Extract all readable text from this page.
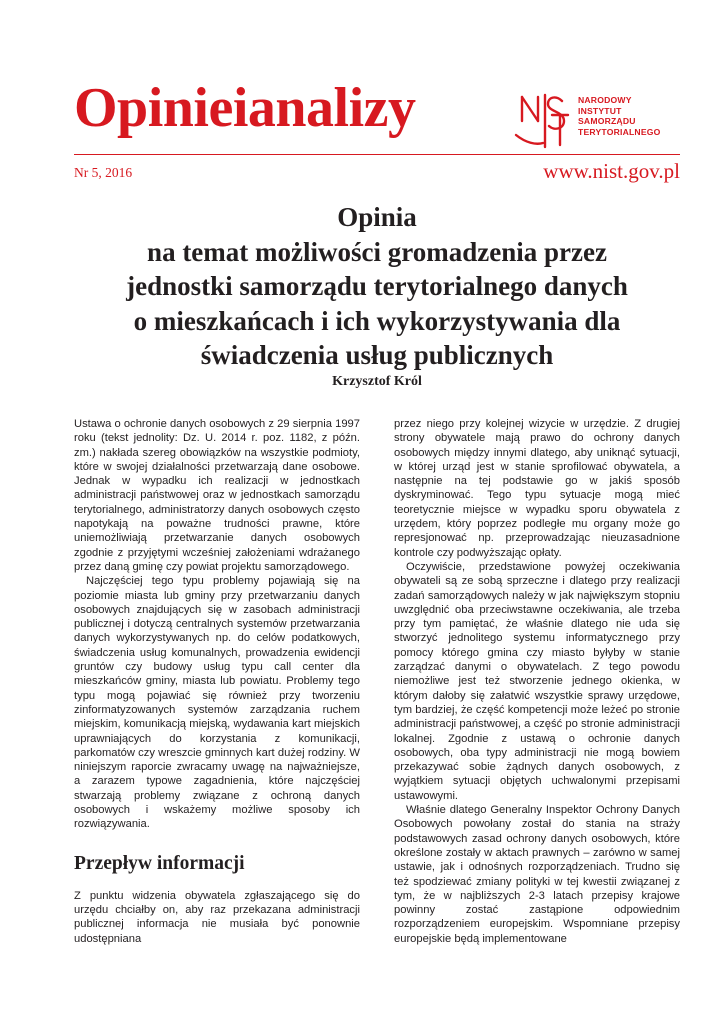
Opinieianalizy	NARODOWY
INSTYTUT
SAMORZĄDU
TERYTORIALNEGO
Nr 5, 2016	www.nist.gov.pl
Opinia
na temat możliwości gromadzenia przez
jednostki samorządu terytorialnego danych
o mieszkańcach i ich wykorzystywania dla
świadczenia usług publicznych
Krzysztof Król

Ustawa o ochronie danych osobowych z 29 sierpnia 1997 roku (tekst jednolity: Dz. U. 2014 r. poz. 1182, z późn. zm.) nakłada szereg obowiązków na wszystkie podmioty, które w swojej działalności przetwarzają dane osobowe. Jednak w wypadku ich realizacji w jednostkach administracji państwowej oraz w jednostkach samorządu terytorialnego, administratorzy danych osobowych często napotykają na poważne trudności prawne, które uniemożliwiają przetwarzanie danych osobowych zgodnie z przyjętymi wcześniej założeniami wdrażanego przez daną gminę czy powiat projektu samorządowego.

Najczęściej tego typu problemy pojawiają się na poziomie miasta lub gminy przy przetwarzaniu danych osobowych znajdujących się w zasobach administracji publicznej i dotyczą centralnych systemów przetwarzania danych wykorzystywanych np. do celów podatkowych, świadczenia usług komunalnych, prowadzenia ewidencji gruntów czy budowy usług typu call center dla mieszkańców gminy, miasta lub powiatu. Problemy tego typu mogą pojawiać się również przy tworzeniu zinformatyzowanych systemów zarządzania ruchem miejskim, komunikacją miejską, wydawania kart miejskich uprawniających do korzystania z komunikacji, parkomatów czy wreszcie gminnych kart dużej rodziny. W niniejszym raporcie zwracamy uwagę na najważniejsze, a zarazem typowe zagadnienia, które najczęściej stwarzają problemy związane z ochroną danych osobowych i wskażemy możliwe sposoby ich rozwiązywania.

Przepływ informacji

Z punktu widzenia obywatela zgłaszającego się do urzędu chciałby on, aby raz przekazana administracji publicznej informacja nie musiała być ponownie udostępniana

przez niego przy kolejnej wizycie w urzędzie. Z drugiej strony obywatele mają prawo do ochrony danych osobowych między innymi dlatego, aby uniknąć sytuacji, w której urząd jest w stanie sprofilować obywatela, a następnie na tej podstawie go w jakiś sposób dyskryminować. Tego typu sytuacje mogą mieć teoretycznie miejsce w wypadku sporu obywatela z urzędem, który poprzez podległe mu organy może go represjonować np. przeprowadzając nieuzasadnione kontrole czy podwyższając opłaty.

Oczywiście, przedstawione powyżej oczekiwania obywateli są ze sobą sprzeczne i dlatego przy realizacji zadań samorządowych należy w jak największym stopniu uwzględnić oba przeciwstawne oczekiwania, ale trzeba przy tym pamiętać, że właśnie dlatego nie uda się stworzyć jednolitego systemu informatycznego przy pomocy którego gmina czy miasto byłyby w stanie zarządzać danymi o obywatelach. Z tego powodu niemożliwe jest też stworzenie jednego okienka, w którym dałoby się załatwić wszystkie sprawy urzędowe, tym bardziej, że część kompetencji może leżeć po stronie administracji państwowej, a część po stronie administracji lokalnej. Zgodnie z ustawą o ochronie danych osobowych, oba typy administracji nie mogą bowiem przekazywać sobie żądnych danych osobowych, z wyjątkiem sytuacji objętych uchwalonymi przepisami ustawowymi.

Właśnie dlatego Generalny Inspektor Ochrony Danych Osobowych powołany został do stania na straży podstawowych zasad ochrony danych osobowych, które określone zostały w aktach prawnych – zarówno w samej ustawie, jak i odnośnych rozporządzeniach. Trudno się też spodziewać zmiany polityki w tej kwestii związanej z tym, że w najbliższych 2-3 latach przepisy krajowe powinny zostać zastąpione odpowiednim rozporządzeniem europejskim. Wspomniane przepisy europejskie będą implementowane
